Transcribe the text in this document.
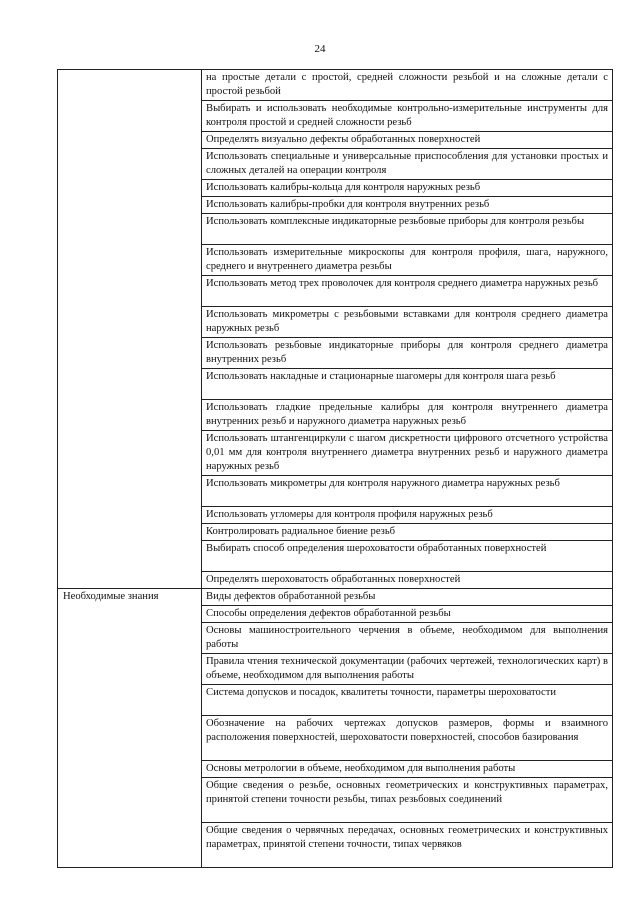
24

	на простые детали с простой, средней сложности резьбой и на сложные детали с простой резьбой

	Выбирать и использовать необходимые контрольно-измерительные инструменты для контроля простой и средней сложности резьб

	Определять визуально дефекты обработанных поверхностей

	Использовать специальные и универсальные приспособления для установки простых и сложных деталей на операции контроля

	Использовать калибры-кольца для контроля наружных резьб

	Использовать калибры-пробки для контроля внутренних резьб

	Использовать комплексные индикаторные резьбовые приборы для контроля резьбы

	Использовать измерительные микроскопы для контроля профиля, шага, наружного, среднего и внутреннего диаметра резьбы

	Использовать метод трех проволочек для контроля среднего диаметра наружных резьб

	Использовать микрометры с резьбовыми вставками для контроля среднего диаметра наружных резьб

	Использовать резьбовые индикаторные приборы для контроля среднего диаметра внутренних резьб

	Использовать накладные и стационарные шагомеры для контроля шага резьб

	Использовать гладкие предельные калибры для контроля внутреннего диаметра внутренних резьб и наружного диаметра наружных резьб

	Использовать штангенциркули с шагом дискретности цифрового отсчетного устройства 0,01 мм для контроля внутреннего диаметра внутренних резьб и наружного диаметра наружных резьб

	Использовать микрометры для контроля наружного диаметра наружных резьб

	Использовать угломеры для контроля профиля наружных резьб

	Контролировать радиальное биение резьб

	Выбирать способ определения шероховатости обработанных поверхностей

	Определять шероховатость обработанных поверхностей

Необходимые знания	Виды дефектов обработанной резьбы

	Способы определения дефектов обработанной резьбы

	Основы машиностроительного черчения в объеме, необходимом для выполнения работы

	Правила чтения технической документации (рабочих чертежей, технологических карт) в объеме, необходимом для выполнения работы

	Система допусков и посадок, квалитеты точности, параметры шероховатости

	Обозначение на рабочих чертежах допусков размеров, формы и взаимного расположения поверхностей, шероховатости поверхностей, способов базирования

	Основы метрологии в объеме, необходимом для выполнения работы

	Общие сведения о резьбе, основных геометрических и конструктивных параметрах, принятой степени точности резьбы, типах резьбовых соединений

	Общие сведения о червячных передачах, основных геометрических и конструктивных параметрах, принятой степени точности, типах червяков
